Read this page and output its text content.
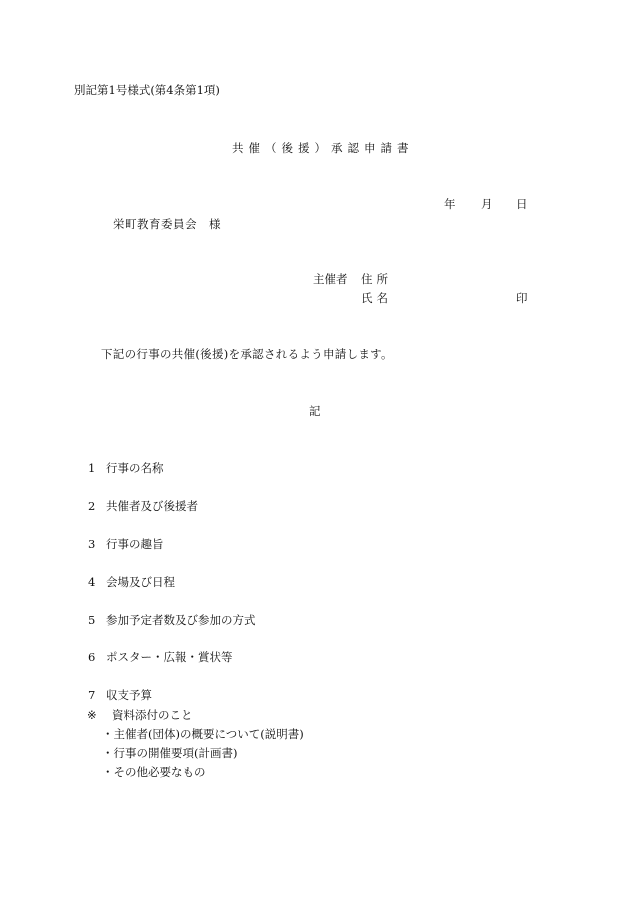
別記第1号様式(第4条第1項)
共催（後援）承認申請書
年 月 日
栄町教育委員会　様
主催者 住所
氏名	印
下記の行事の共催(後援)を承認されるよう申請します。
記
1 行事の名称
2 共催者及び後援者
3 行事の趣旨
4 会場及び日程
5 参加予定者数及び参加の方式
6 ポスター・広報・賞状等
7 収支予算
※ 資料添付のこと
・主催者(団体)の概要について(説明書)
・行事の開催要項(計画書)
・その他必要なもの
